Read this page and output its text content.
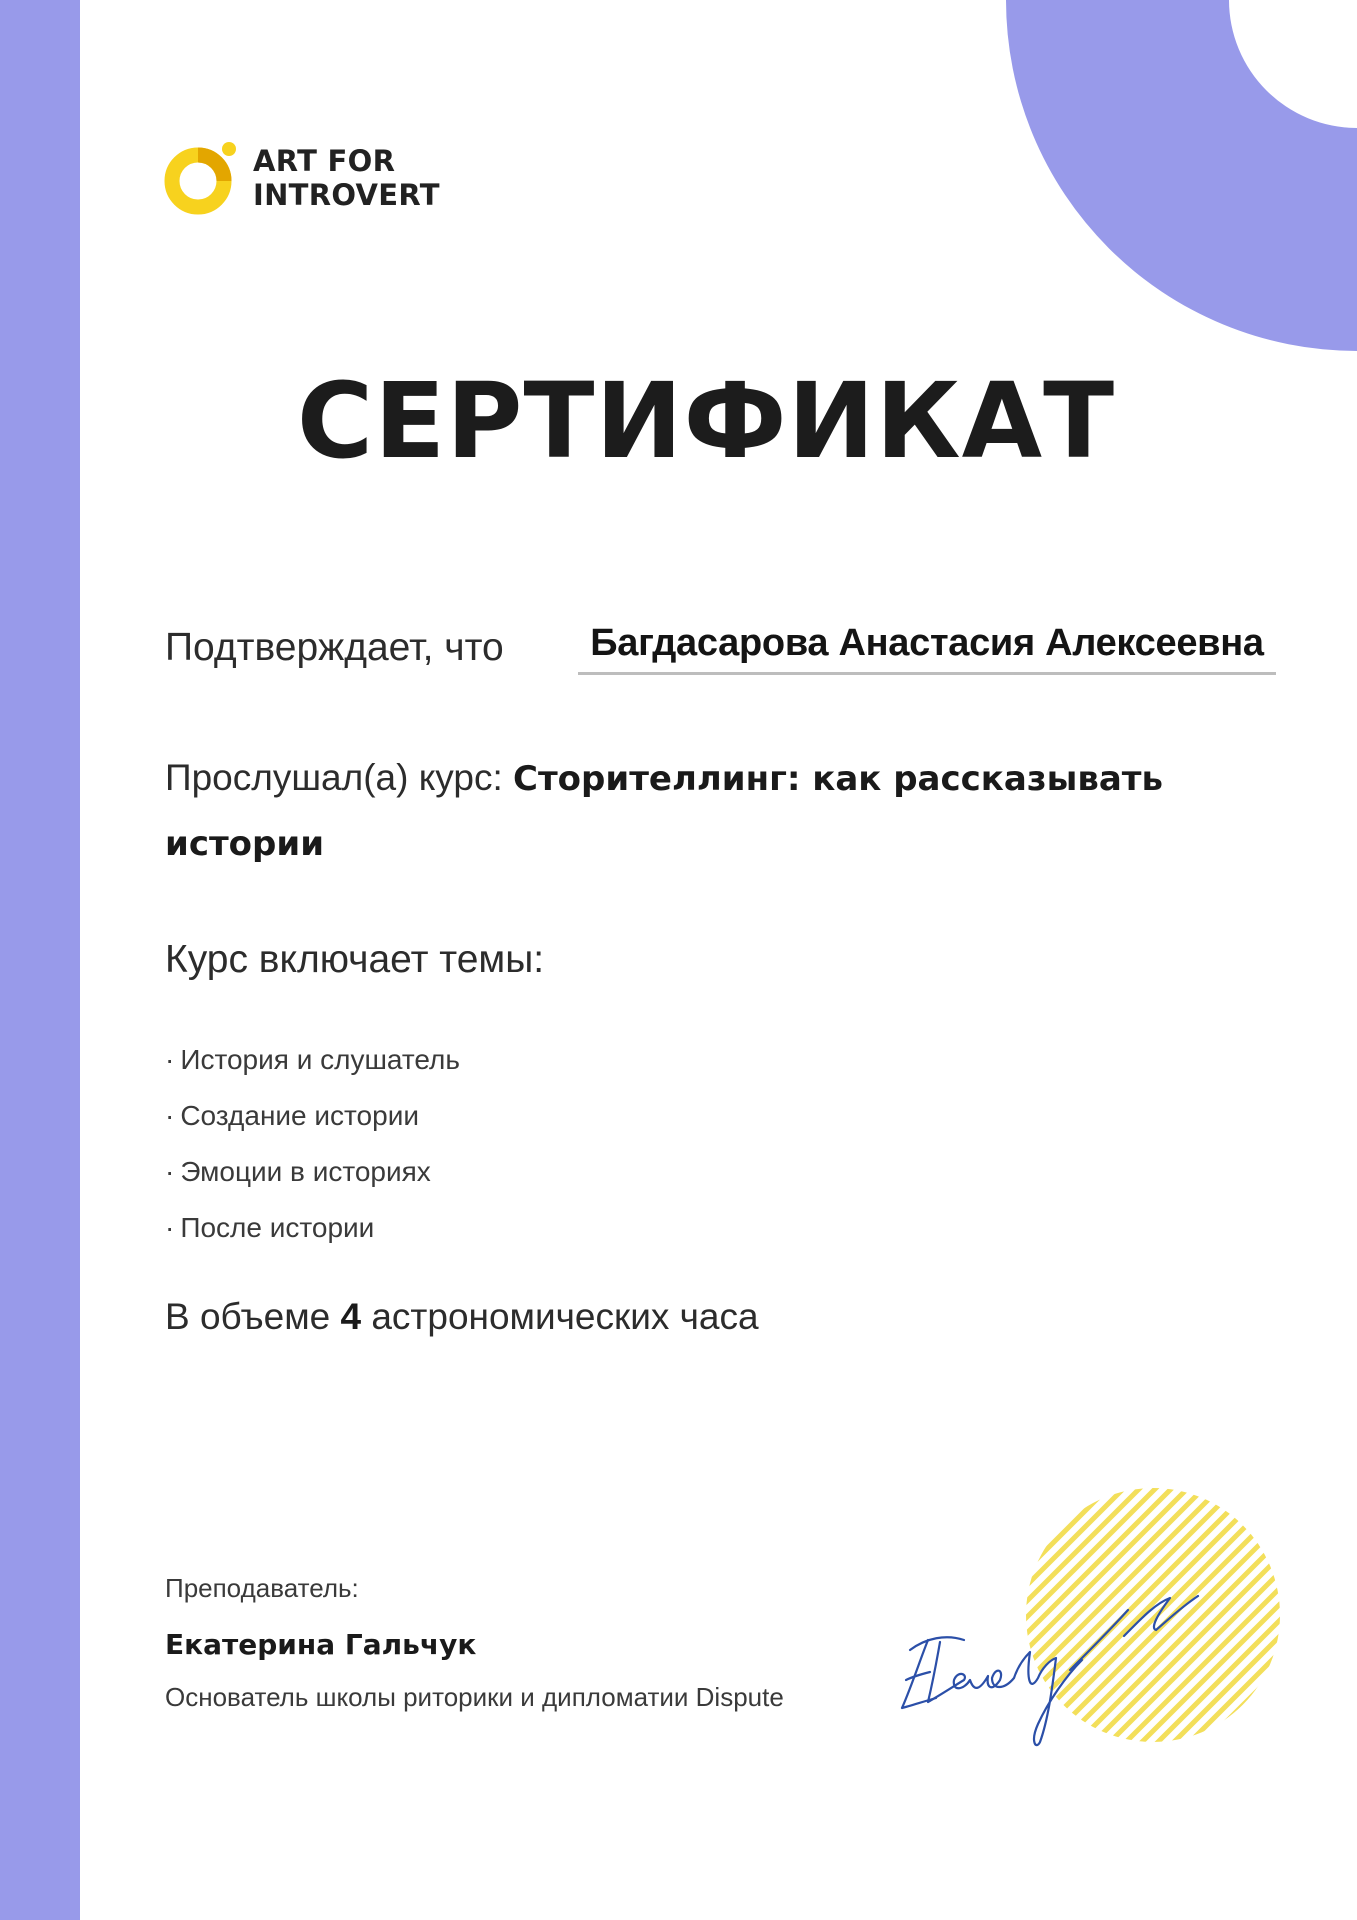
ART FOR
INTROVERT
СЕРТИФИКАТ
Подтверждает, что	Багдасарова Анастасия Алексеевна
Прослушал(а) курс: Сторителлинг: как рассказывать истории
Курс включает темы:
· История и слушатель
· Создание истории
· Эмоции в историях
· После истории
В объеме 4 астрономических часа
Преподаватель:
Екатерина Гальчук
Основатель школы риторики и дипломатии Dispute
